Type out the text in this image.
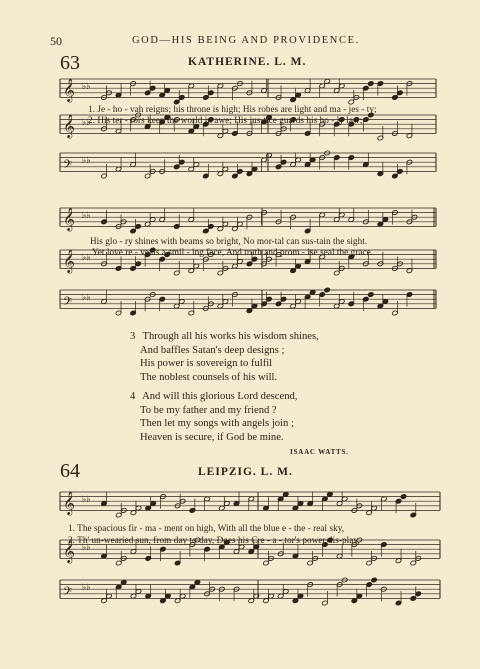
50	GOD—HIS BEING AND PROVIDENCE.
63	KATHERINE. L. M.
𝄞 ♭♭
𝄞 ♭♭
𝄢 ♭♭
1. Je - ho - vah reigns; his throne is high; His robes are light and ma - jes - ty;
2. His ter - rors keep the world in awe; His jus-tice guards his ho - ly law;
𝄞 ♭♭
𝄞 ♭♭
𝄢 ♭♭
His glo - ry shines with beams so bright, No mor-tal can sus-tain the sight.
Yet love re - veals a smil - ing face, And truth and prom - ise seal the grace.
3 Through all his works his wisdom shines,
And baffles Satan's deep designs ;
His power is sovereign to fulfil
The noblest counsels of his will.
4 And will this glorious Lord descend,
To be my father and my friend ?
Then let my songs with angels join ;
Heaven is secure, if God be mine.
ISAAC WATTS.
64	LEIPZIG. L. M.
𝄞 ♭♭
𝄞 ♭♭
𝄢 ♭♭
1. The spacious fir - ma - ment on high, With all the blue e - the - real sky,
2. Th' un-wearied sun, from day to day, Does his Cre - a - tor's power dis-play,
